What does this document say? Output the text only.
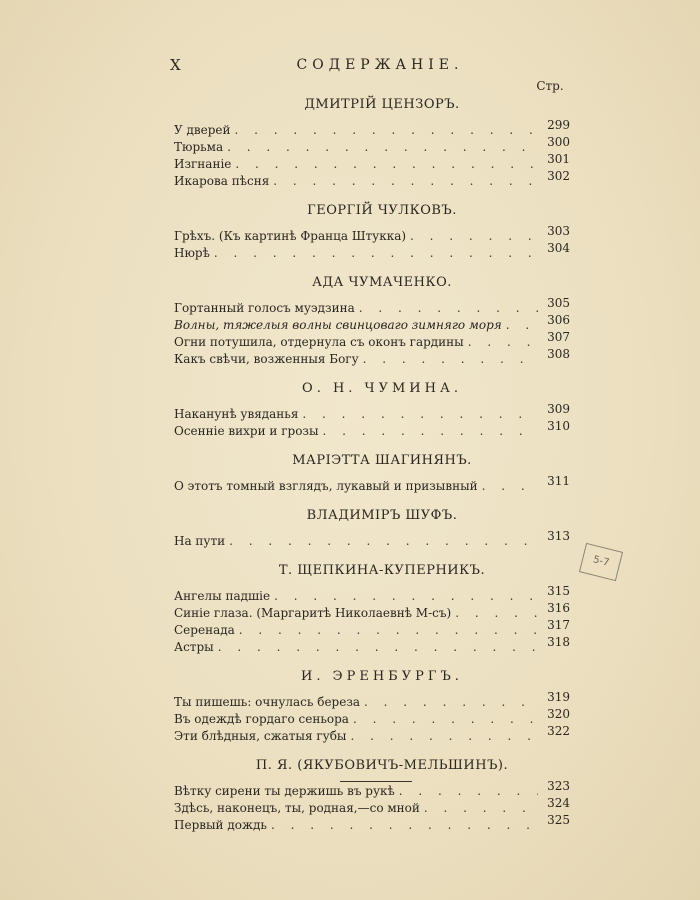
X	СОДЕРЖАНІЕ.
Стр.
ДМИТРІЙ ЦЕНЗОРЪ.
У дверей . . .	299
Тюрьма . . .	300
Изгнаніе . . .	301
Икарова пѣсня . . .	302
ГЕОРГІЙ ЧУЛКОВЪ.
Грѣхъ. (Къ картинѣ Франца Штукка) . . .	303
Нюрѣ . . .	304
АДА ЧУМАЧЕНКО.
Гортанный голосъ муэдзина . . .	305
Волны, тяжелыя волны свинцоваго зимняго моря . . .	306
Огни потушила, отдернула съ оконъ гардины . . .	307
Какъ свѣчи, возженныя Богу . . .	308
О. Н. ЧУМИНА.
Наканунѣ увяданья . . .	309
Осеннiе вихри и грозы . . .	310
МАРІЭТТА ШАГИНЯНЪ.
О этотъ томный взглядъ, лукавый и призывный . . .	311
ВЛАДИМIРЪ ШУФЪ.
На пути . . .	313
Т. ЩЕПКИНА-КУПЕРНИКЪ.
Ангелы падшіе . . .	315
Синіе глаза. (Маргаритѣ Николаевнѣ М-съ) . . .	316
Серенада . . .	317
Астры . . .	318
И. ЭРЕНБУРГЪ.
Ты пишешь: очнулась береза . . .	319
Въ одеждѣ гордаго сеньора . . .	320
Эти блѣдныя, сжатыя губы . . .	322
П. Я. (ЯКУБОВИЧЪ-МЕЛЬШИНЪ).
Вѣтку сирени ты держишь въ рукѣ . . .	323
Здѣсь, наконецъ, ты, родная,—со мной . . .	324
Первый дождь . . .	325
5-7
